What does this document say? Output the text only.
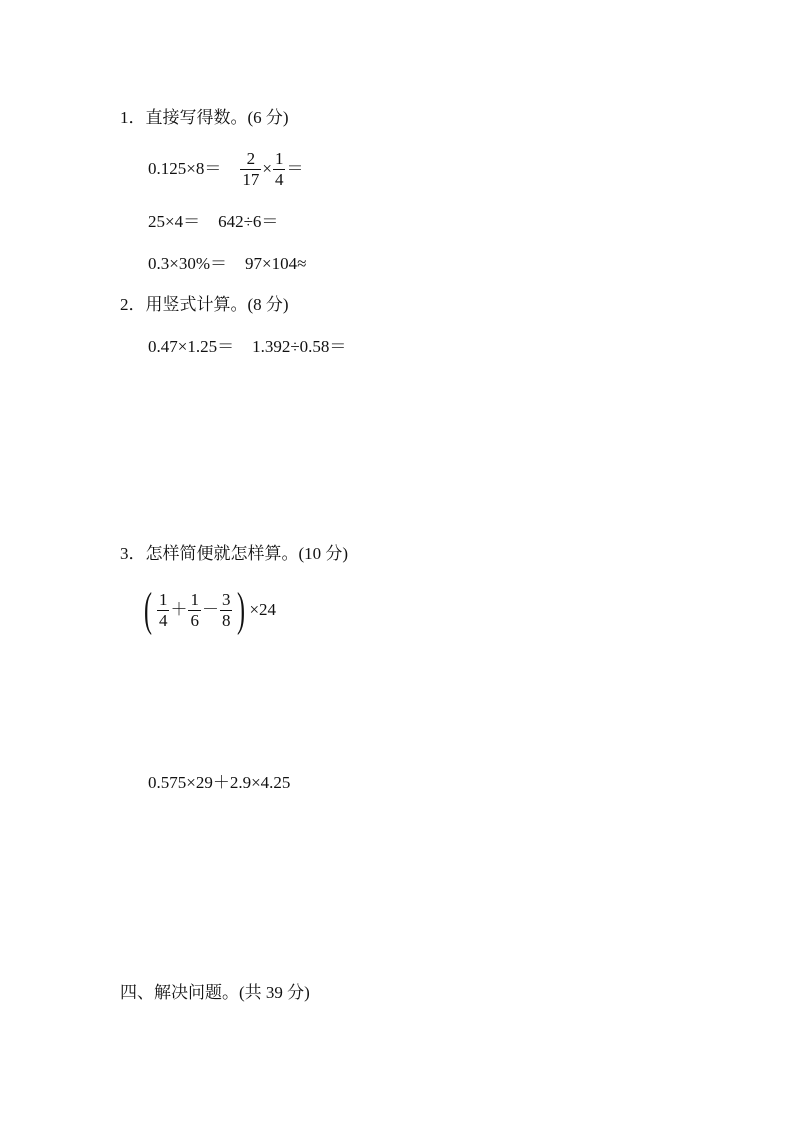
1．直接写得数。(6 分)
$0.125\times 8= \frac{2}{17} \times \frac{1}{4}$ ＝
25×4＝ 642÷6＝
0.3×30%＝ 97×104≈
2．用竖式计算。(8 分)
0.47×1.25＝ 1.392÷0.58＝
3．怎样简便就怎样算。(10 分)
( $\frac{1}{4} + \frac{1}{6} - \frac{3}{8}$ ) ×24
0.575×29＋2.9×4.25
四、解决问题。(共 39 分)
